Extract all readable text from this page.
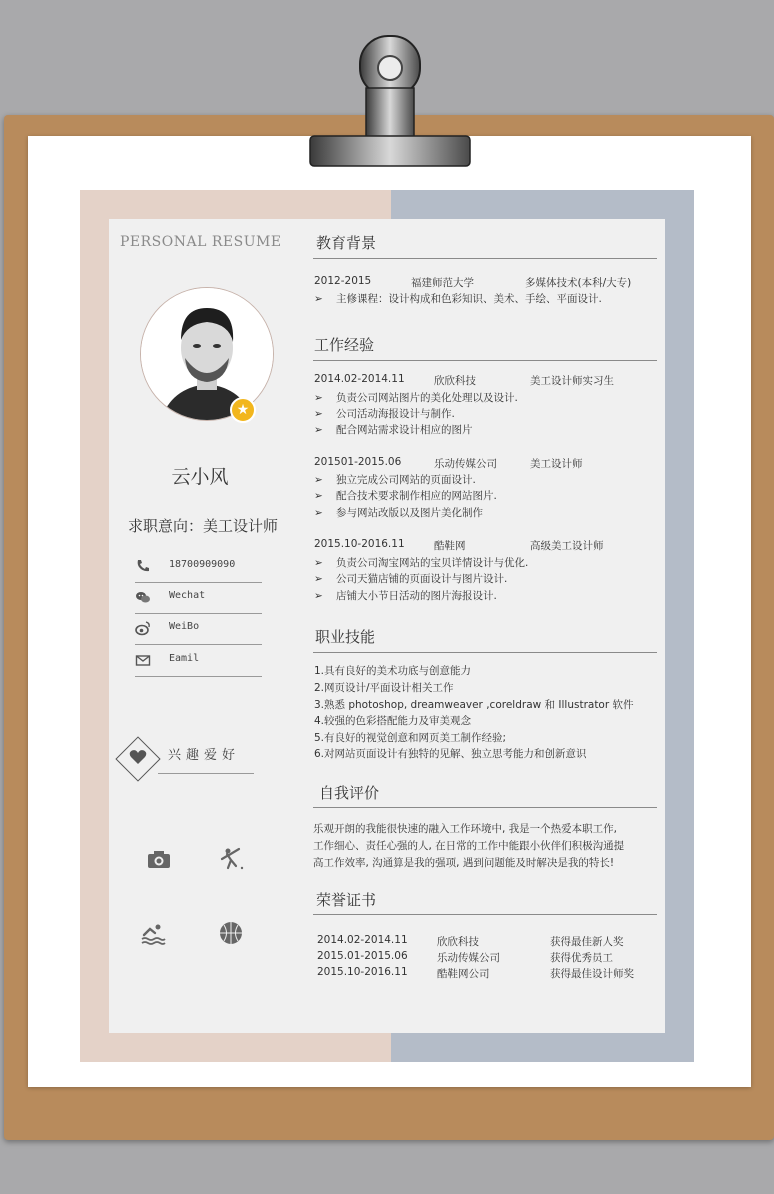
PERSONAL RESUME
★
云小风
求职意向：美工设计师
18700909090
Wechat
WeiBo
Eamil
兴趣爱好
教育背景
2012-2015	福建师范大学	多媒体技术(本科/大专)
➢ 主修课程：设计构成和色彩知识、美术、手绘、平面设计.
工作经验
2014.02-2014.11	欣欣科技	美工设计师实习生
➢ 负责公司网站图片的美化处理以及设计.
➢ 公司活动海报设计与制作.
➢ 配合网站需求设计相应的图片
201501-2015.06	乐动传媒公司	美工设计师
➢ 独立完成公司网站的页面设计.
➢ 配合技术要求制作相应的网站图片.
➢ 参与网站改版以及图片美化制作
2015.10-2016.11	酷鞋网	高级美工设计师
➢ 负责公司淘宝网站的宝贝详情设计与优化.
➢ 公司天猫店铺的页面设计与图片设计.
➢ 店铺大小节日活动的图片海报设计.
职业技能
1.具有良好的美术功底与创意能力
2.网页设计/平面设计相关工作
3.熟悉 photoshop, dreamweaver ,coreldraw 和 Illustrator 软件
4.较强的色彩搭配能力及审美观念
5.有良好的视觉创意和网页美工制作经验;
6.对网站页面设计有独特的见解、独立思考能力和创新意识
自我评价
乐观开朗的我能很快速的融入工作环境中, 我是一个热爱本职工作,
工作细心、责任心强的人, 在日常的工作中能跟小伙伴们积极沟通提
高工作效率, 沟通算是我的强项, 遇到问题能及时解决是我的特长!
荣誉证书
2014.02-2014.11	欣欣科技	获得最佳新人奖
2015.01-2015.06	乐动传媒公司	获得优秀员工
2015.10-2016.11	酷鞋网公司	获得最佳设计师奖
